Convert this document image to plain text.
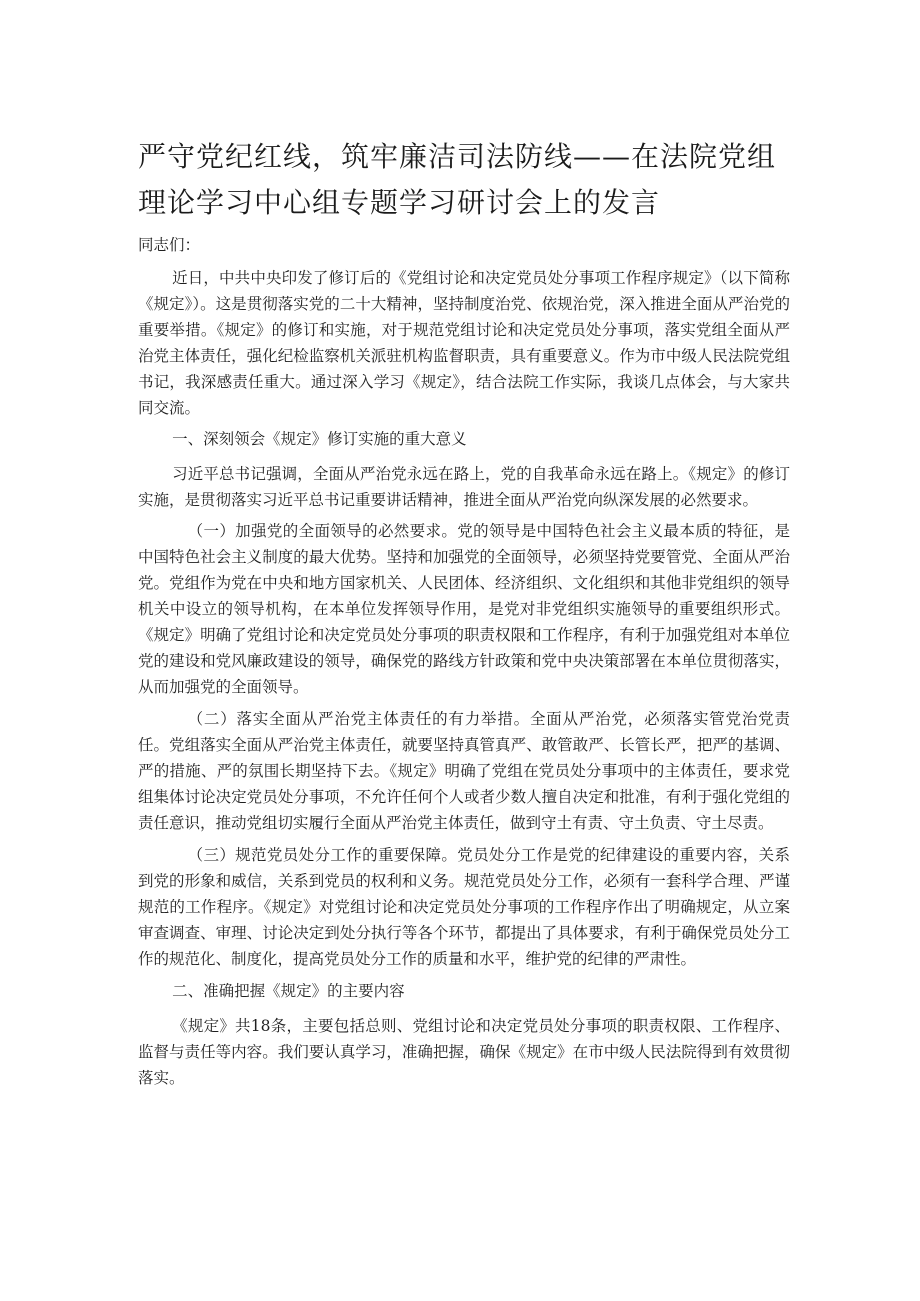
严守党纪红线，筑牢廉洁司法防线——在法院党组理论学习中心组专题学习研讨会上的发言

同志们：

近日，中共中央印发了修订后的《党组讨论和决定党员处分事项工作程序规定》（以下简称《规定》）。这是贯彻落实党的二十大精神，坚持制度治党、依规治党，深入推进全面从严治党的重要举措。《规定》的修订和实施，对于规范党组讨论和决定党员处分事项，落实党组全面从严治党主体责任，强化纪检监察机关派驻机构监督职责，具有重要意义。作为市中级人民法院党组书记，我深感责任重大。通过深入学习《规定》，结合法院工作实际，我谈几点体会，与大家共同交流。

一、深刻领会《规定》修订实施的重大意义

习近平总书记强调，全面从严治党永远在路上，党的自我革命永远在路上。《规定》的修订实施，是贯彻落实习近平总书记重要讲话精神，推进全面从严治党向纵深发展的必然要求。

（一）加强党的全面领导的必然要求。党的领导是中国特色社会主义最本质的特征，是中国特色社会主义制度的最大优势。坚持和加强党的全面领导，必须坚持党要管党、全面从严治党。党组作为党在中央和地方国家机关、人民团体、经济组织、文化组织和其他非党组织的领导机关中设立的领导机构，在本单位发挥领导作用，是党对非党组织实施领导的重要组织形式。《规定》明确了党组讨论和决定党员处分事项的职责权限和工作程序，有利于加强党组对本单位党的建设和党风廉政建设的领导，确保党的路线方针政策和党中央决策部署在本单位贯彻落实，从而加强党的全面领导。

（二）落实全面从严治党主体责任的有力举措。全面从严治党，必须落实管党治党责任。党组落实全面从严治党主体责任，就要坚持真管真严、敢管敢严、长管长严，把严的基调、严的措施、严的氛围长期坚持下去。《规定》明确了党组在党员处分事项中的主体责任，要求党组集体讨论决定党员处分事项，不允许任何个人或者少数人擅自决定和批准，有利于强化党组的责任意识，推动党组切实履行全面从严治党主体责任，做到守土有责、守土负责、守土尽责。

（三）规范党员处分工作的重要保障。党员处分工作是党的纪律建设的重要内容，关系到党的形象和威信，关系到党员的权利和义务。规范党员处分工作，必须有一套科学合理、严谨规范的工作程序。《规定》对党组讨论和决定党员处分事项的工作程序作出了明确规定，从立案审查调查、审理、讨论决定到处分执行等各个环节，都提出了具体要求，有利于确保党员处分工作的规范化、制度化，提高党员处分工作的质量和水平，维护党的纪律的严肃性。

二、准确把握《规定》的主要内容

《规定》共18条，主要包括总则、党组讨论和决定党员处分事项的职责权限、工作程序、监督与责任等内容。我们要认真学习，准确把握，确保《规定》在市中级人民法院得到有效贯彻落实。
